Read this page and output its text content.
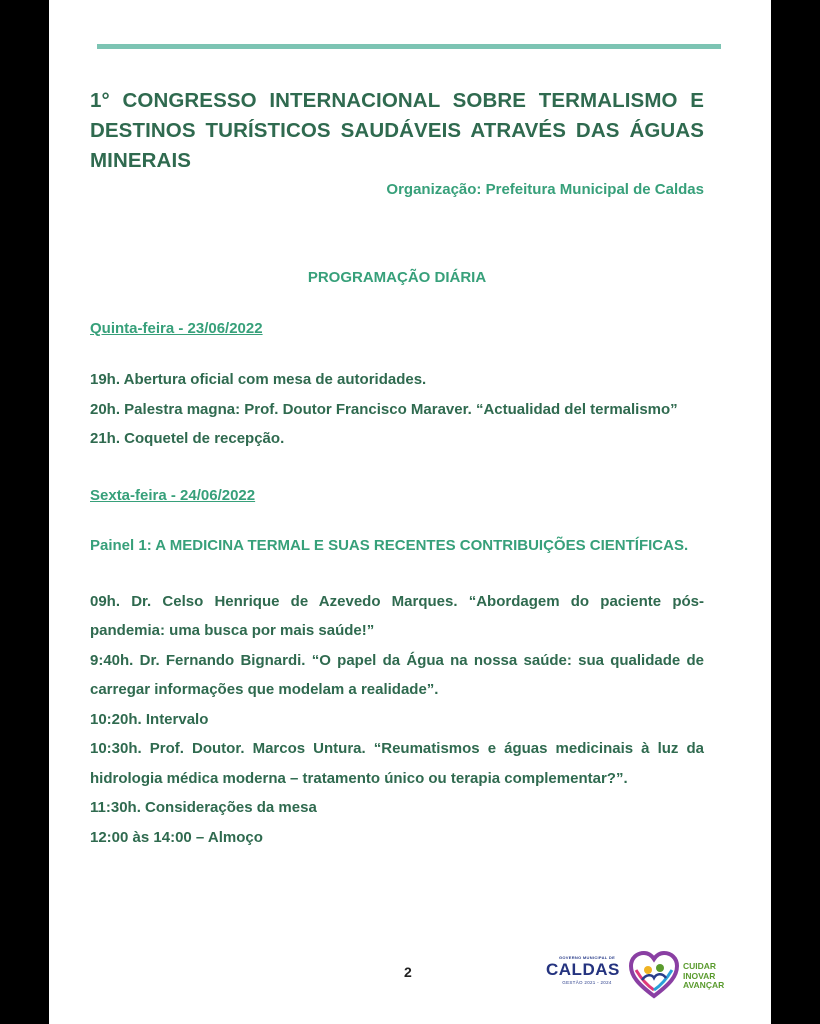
1° CONGRESSO INTERNACIONAL SOBRE TERMALISMO E DESTINOS TURÍSTICOS SAUDÁVEIS ATRAVÉS DAS ÁGUAS MINERAIS
Organização: Prefeitura Municipal de Caldas
PROGRAMAÇÃO DIÁRIA
Quinta-feira - 23/06/2022
19h. Abertura oficial com mesa de autoridades.
20h. Palestra magna: Prof. Doutor Francisco Maraver. “Actualidad del termalismo”
21h. Coquetel de recepção.
Sexta-feira - 24/06/2022
Painel 1: A MEDICINA TERMAL E SUAS RECENTES CONTRIBUIÇÕES CIENTÍFICAS.
09h. Dr. Celso Henrique de Azevedo Marques. “Abordagem do paciente pós-pandemia: uma busca por mais saúde!”
9:40h. Dr. Fernando Bignardi. “O papel da Água na nossa saúde: sua qualidade de carregar informações que modelam a realidade”.
10:20h. Intervalo
10:30h. Prof. Doutor. Marcos Untura. “Reumatismos e águas medicinais à luz da hidrologia médica moderna – tratamento único ou terapia complementar?”.
11:30h. Considerações da mesa
12:00 às 14:00 – Almoço
2
GOVERNO MUNICIPAL DE
CALDAS
GESTÃO 2021 - 2024
CUIDAR
INOVAR
AVANÇAR
